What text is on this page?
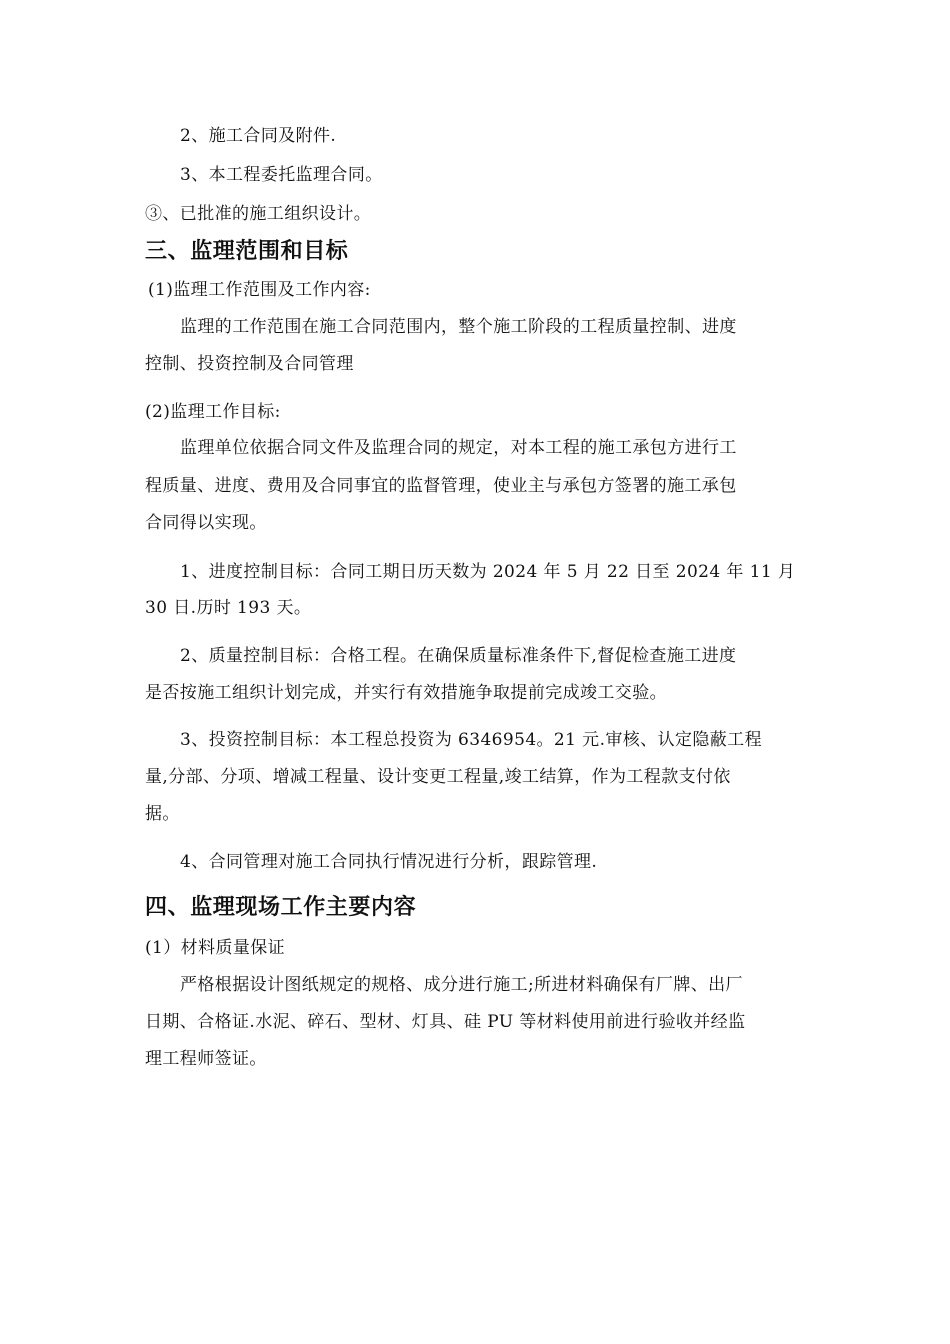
2、施工合同及附件.
3、本工程委托监理合同。
③、已批准的施工组织设计。
三、监理范围和目标
(1)监理工作范围及工作内容:
监理的工作范围在施工合同范围内，整个施工阶段的工程质量控制、进度
控制、投资控制及合同管理
(2)监理工作目标:
监理单位依据合同文件及监理合同的规定，对本工程的施工承包方进行工
程质量、进度、费用及合同事宜的监督管理，使业主与承包方签署的施工承包
合同得以实现。
1、进度控制目标：合同工期日历天数为 2024 年 5 月 22 日至 2024 年 11 月
30 日.历时 193 天。
2、质量控制目标：合格工程。在确保质量标准条件下,督促检查施工进度
是否按施工组织计划完成，并实行有效措施争取提前完成竣工交验。
3、投资控制目标：本工程总投资为 6346954。21 元.审核、认定隐蔽工程
量,分部、分项、增减工程量、设计变更工程量,竣工结算，作为工程款支付依
据。
4、合同管理对施工合同执行情况进行分析，跟踪管理.
四、监理现场工作主要内容
(1）材料质量保证
严格根据设计图纸规定的规格、成分进行施工;所进材料确保有厂牌、出厂
日期、合格证.水泥、碎石、型材、灯具、硅 PU 等材料使用前进行验收并经监
理工程师签证。
